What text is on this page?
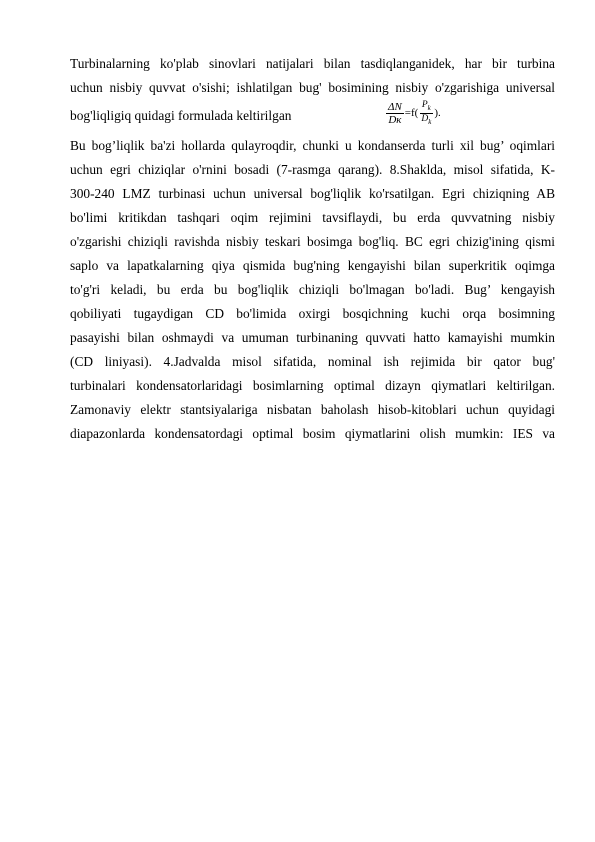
Turbinalarning ko'plab sinovlari natijalari bilan tasdiqlanganidek, har bir turbina
uchun nisbiy quvvat o'sishi; ishlatilgan bug' bosimining nisbiy o'zgarishiga universal
bog'liqligiq quidagi formulada keltirilgan	$\frac{\Delta N}{Dк} =f( \frac{P_k}{D_k}$ ).
Bu bog’liqlik ba'zi hollarda qulayroqdir, chunki u kondanserda turli xil bug’ oqimlari
uchun egri chiziqlar o'rnini bosadi (7-rasmga qarang). 8.Shaklda, misol sifatida, K-
300-240 LMZ turbinasi uchun universal bog'liqlik ko'rsatilgan. Egri chiziqning AB
bo'limi kritikdan tashqari oqim rejimini tavsiflaydi, bu erda quvvatning nisbiy
o'zgarishi chiziqli ravishda nisbiy teskari bosimga bog'liq. BC egri chizig'ining qismi
saplo va lapatkalarning qiya qismida bug'ning kengayishi bilan superkritik oqimga
to'g'ri keladi, bu erda bu bog'liqlik chiziqli bo'lmagan bo'ladi. Bug’ kengayish
qobiliyati tugaydigan CD bo'limida oxirgi bosqichning kuchi orqa bosimning
pasayishi bilan oshmaydi va umuman turbinaning quvvati hatto kamayishi mumkin
(CD liniyasi). 4.Jadvalda misol sifatida, nominal ish rejimida bir qator bug'
turbinalari kondensatorlaridagi bosimlarning optimal dizayn qiymatlari keltirilgan.
Zamonaviy elektr stantsiyalariga nisbatan baholash hisob-kitoblari uchun quyidagi
diapazonlarda kondensatordagi optimal bosim qiymatlarini olish mumkin: IES va
